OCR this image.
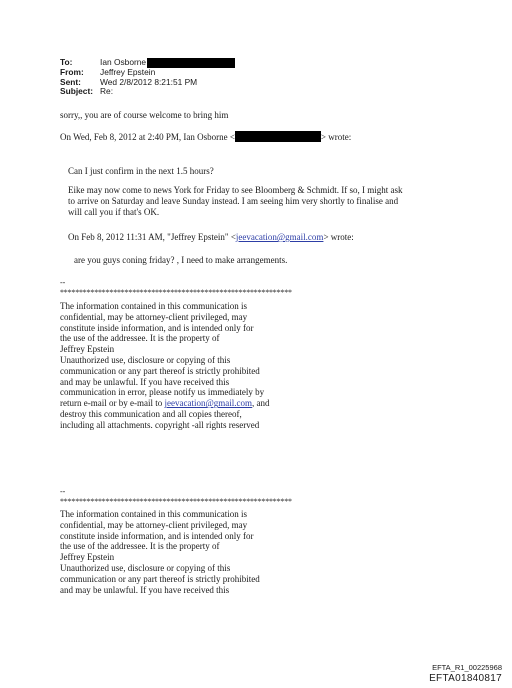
To:	Ian Osborne
From:	Jeffrey Epstein
Sent:	Wed 2/8/2012 8:21:51 PM
Subject: Re:
sorry,, you are of course welcome to bring him
On Wed, Feb 8, 2012 at 2:40 PM, Ian Osborne <	> wrote:
Can I just confirm in the next 1.5 hours?
Eike may now come to news York for Friday to see Bloomberg & Schmidt. If so, I might ask
to arrive on Saturday and leave Sunday instead. I am seeing him very shortly to finalise and
will call you if that's OK.
On Feb 8, 2012 11:31 AM, "Jeffrey Epstein" <jeevacation@gmail.com> wrote:
are you guys coning friday? , I need to make arrangements.
--
*************************************************************
The information contained in this communication is
confidential, may be attorney-client privileged, may
constitute inside information, and is intended only for
the use of the addressee. It is the property of
Jeffrey Epstein
Unauthorized use, disclosure or copying of this
communication or any part thereof is strictly prohibited
and may be unlawful. If you have received this
communication in error, please notify us immediately by
return e-mail or by e-mail to jeevacation@gmail.com, and
destroy this communication and all copies thereof,
including all attachments. copyright -all rights reserved
--
*************************************************************
The information contained in this communication is
confidential, may be attorney-client privileged, may
constitute inside information, and is intended only for
the use of the addressee. It is the property of
Jeffrey Epstein
Unauthorized use, disclosure or copying of this
communication or any part thereof is strictly prohibited
and may be unlawful. If you have received this
EFTA_R1_00225968
EFTA01840817
